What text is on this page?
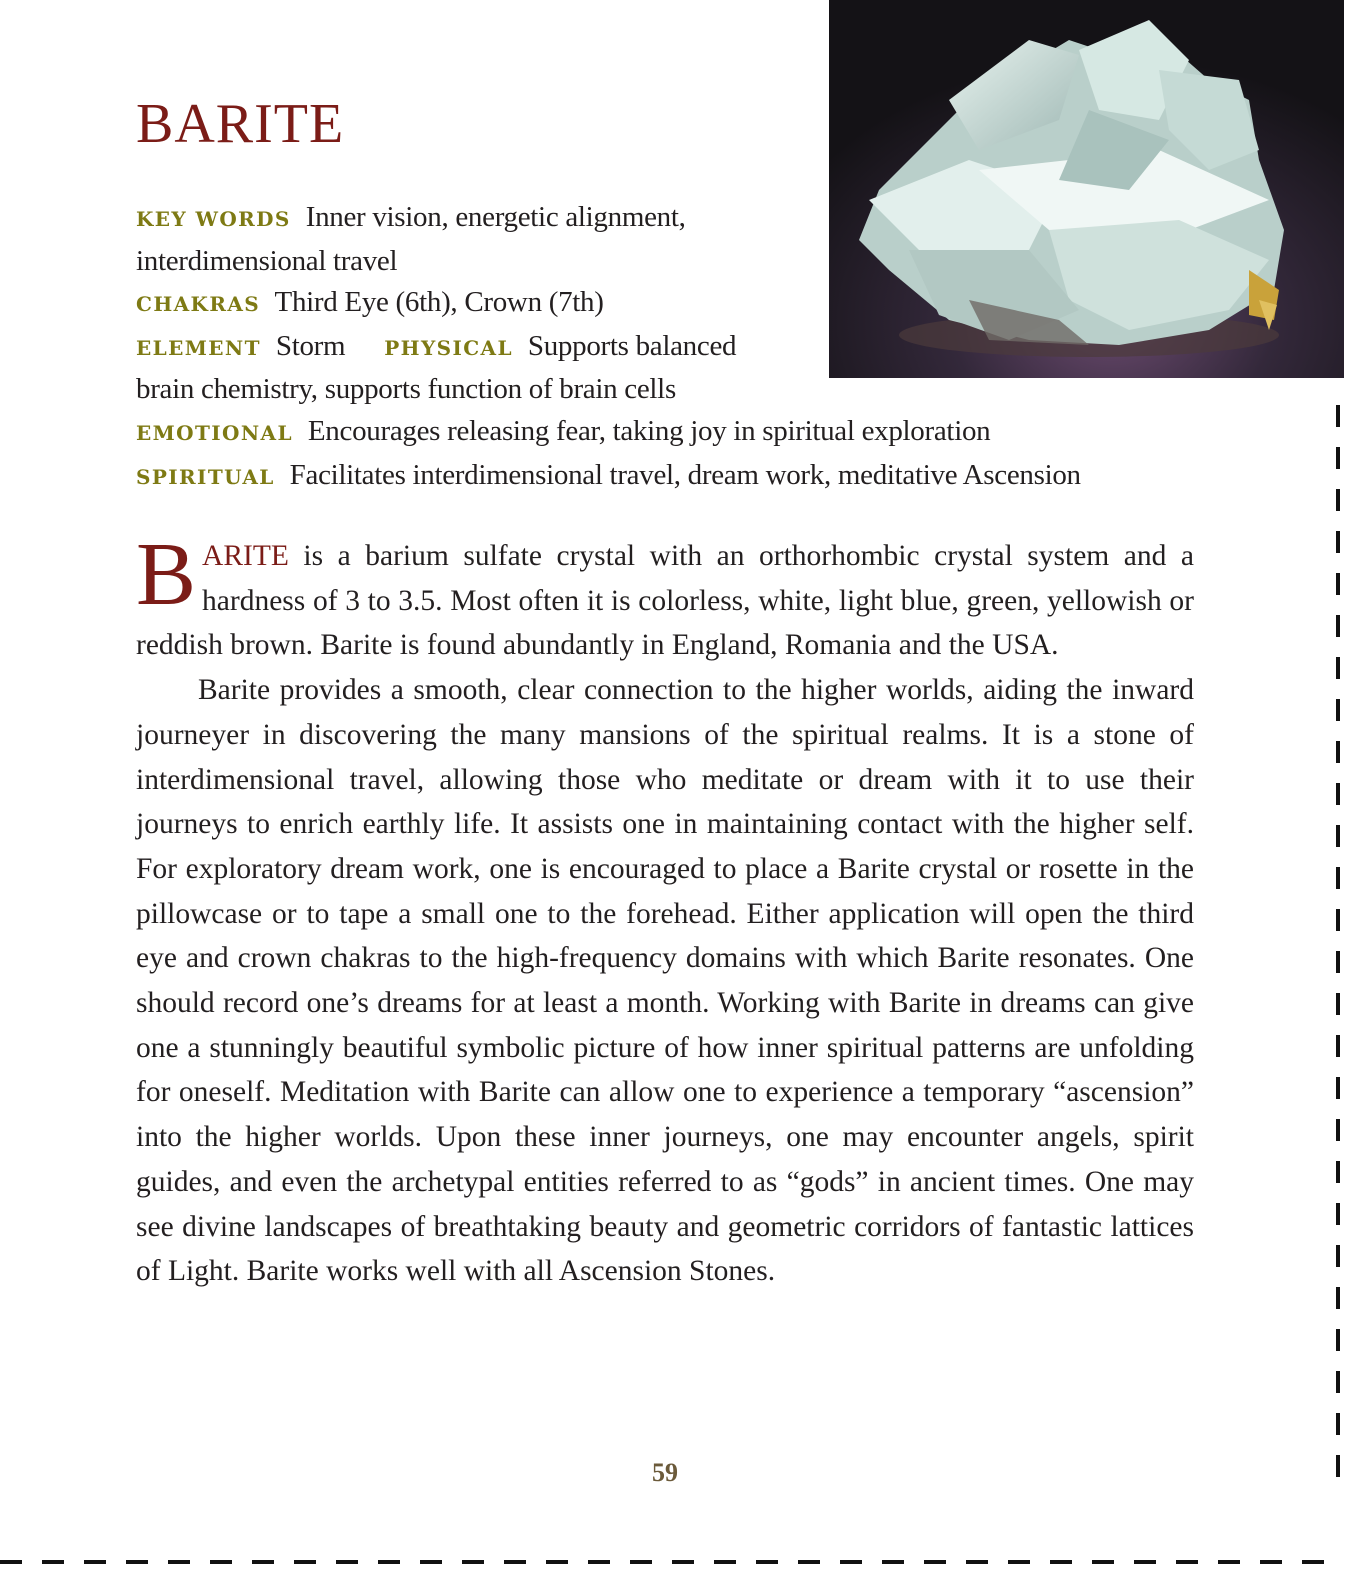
BARITE
KEY WORDS Inner vision, energetic alignment,
interdimensional travel
CHAKRAS Third Eye (6th), Crown (7th)
ELEMENT Storm PHYSICAL Supports balanced
brain chemistry, supports function of brain cells
EMOTIONAL Encourages releasing fear, taking joy in spiritual exploration
SPIRITUAL Facilitates interdimensional travel, dream work, meditative Ascension

BARITE is a barium sulfate crystal with an orthorhombic crystal system and a hardness of 3 to 3.5. Most often it is colorless, white, light blue, green, yellowish or reddish brown. Barite is found abundantly in England, Romania and the USA.

Barite provides a smooth, clear connection to the higher worlds, aiding the inward journeyer in discovering the many mansions of the spiritual realms. It is a stone of interdimensional travel, allowing those who meditate or dream with it to use their journeys to enrich earthly life. It assists one in maintaining contact with the higher self. For exploratory dream work, one is encouraged to place a Barite crystal or rosette in the pillowcase or to tape a small one to the forehead. Either application will open the third eye and crown chakras to the high-frequency domains with which Barite resonates. One should record one’s dreams for at least a month. Working with Barite in dreams can give one a stunningly beautiful symbolic picture of how inner spiritual patterns are unfolding for oneself. Meditation with Barite can allow one to experience a temporary “ascension” into the higher worlds. Upon these inner journeys, one may encounter angels, spirit guides, and even the archetypal entities referred to as “gods” in ancient times. One may see divine landscapes of breathtaking beauty and geometric corridors of fantastic lattices of Light. Barite works well with all Ascension Stones.

59
